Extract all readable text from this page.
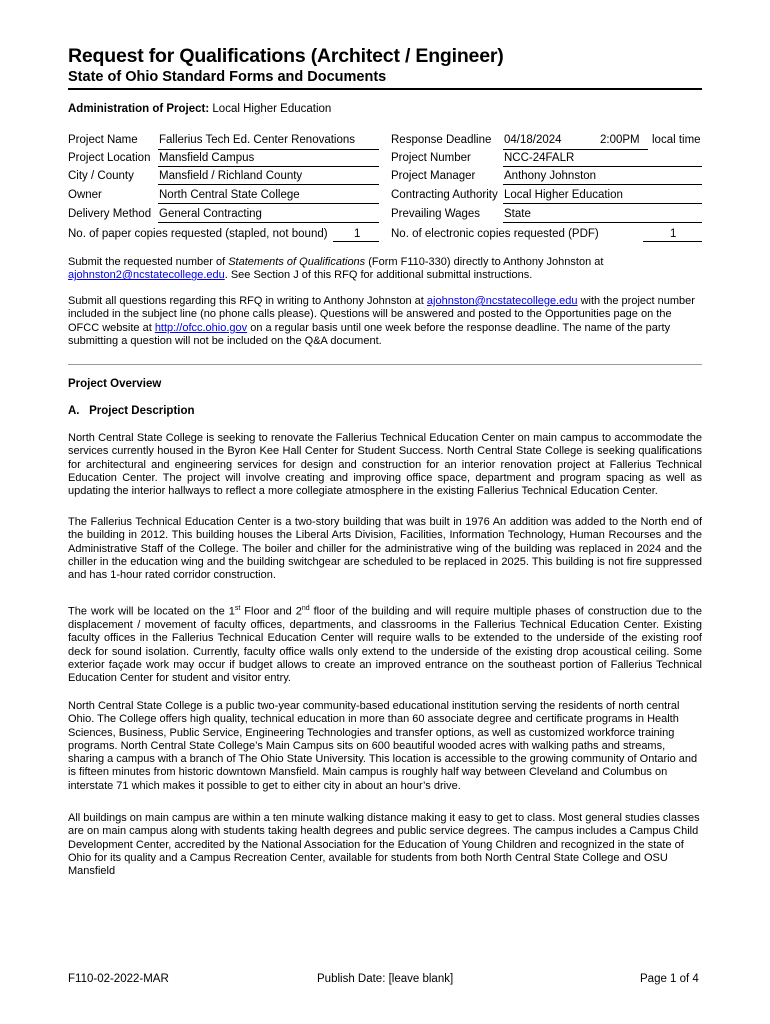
Request for Qualifications (Architect / Engineer)
State of Ohio Standard Forms and Documents
Administration of Project: Local Higher Education
Project Name Fallerius Tech Ed. Center Renovations	Response Deadline 04/18/2024	2:00PM local time
Project Location Mansfield Campus	Project Number	NCC-24FALR
City / County Mansfield / Richland County	Project Manager Anthony Johnston
Owner	North Central State College	Contracting Authority Local Higher Education
Delivery Method General Contracting	Prevailing Wages State
No. of paper copies requested (stapled, not bound) 1	No. of electronic copies requested (PDF)	1
Submit the requested number of Statements of Qualifications (Form F110-330) directly to Anthony Johnston at ajohnston2@ncstatecollege.edu. See Section J of this RFQ for additional submittal instructions.
Submit all questions regarding this RFQ in writing to Anthony Johnston at ajohnston@ncstatecollege.edu with the project number included in the subject line (no phone calls please). Questions will be answered and posted to the Opportunities page on the OFCC website at http://ofcc.ohio.gov on a regular basis until one week before the response deadline. The name of the party submitting a question will not be included on the Q&A document.
Project Overview
A.   Project Description
North Central State College is seeking to renovate the Fallerius Technical Education Center on main campus to accommodate the services currently housed in the Byron Kee Hall Center for Student Success. North Central State College is seeking qualifications for architectural and engineering services for design and construction for an interior renovation project at Fallerius Technical Education Center. The project will involve creating and improving office space, department and program spacing as well as updating the interior hallways to reflect a more collegiate atmosphere in the existing Fallerius Technical Education Center.
The Fallerius Technical Education Center is a two-story building that was built in 1976 An addition was added to the North end of the building in 2012. This building houses the Liberal Arts Division, Facilities, Information Technology, Human Recourses and the Administrative Staff of the College. The boiler and chiller for the administrative wing of the building was replaced in 2024 and the chiller in the education wing and the building switchgear are scheduled to be replaced in 2025. This building is not fire suppressed and has 1-hour rated corridor construction.
The work will be located on the 1st Floor and 2nd floor of the building and will require multiple phases of construction due to the displacement / movement of faculty offices, departments, and classrooms in the Fallerius Technical Education Center. Existing faculty offices in the Fallerius Technical Education Center will require walls to be extended to the underside of the existing roof deck for sound isolation. Currently, faculty office walls only extend to the underside of the existing drop acoustical ceiling. Some exterior façade work may occur if budget allows to create an improved entrance on the southeast portion of Fallerius Technical Education Center for student and visitor entry.
North Central State College is a public two-year community-based educational institution serving the residents of north central Ohio. The College offers high quality, technical education in more than 60 associate degree and certificate programs in Health Sciences, Business, Public Service, Engineering Technologies and transfer options, as well as customized workforce training programs. North Central State College’s Main Campus sits on 600 beautiful wooded acres with walking paths and streams, sharing a campus with a branch of The Ohio State University. This location is accessible to the growing community of Ontario and is fifteen minutes from historic downtown Mansfield. Main campus is roughly half way between Cleveland and Columbus on interstate 71 which makes it possible to get to either city in about an hour’s drive.
All buildings on main campus are within a ten minute walking distance making it easy to get to class. Most general studies classes are on main campus along with students taking health degrees and public service degrees. The campus includes a Campus Child Development Center, accredited by the National Association for the Education of Young Children and recognized in the state of Ohio for its quality and a Campus Recreation Center, available for students from both North Central State College and OSU Mansfield
F110-02-2022-MAR	Publish Date: [leave blank]	Page 1 of 4
